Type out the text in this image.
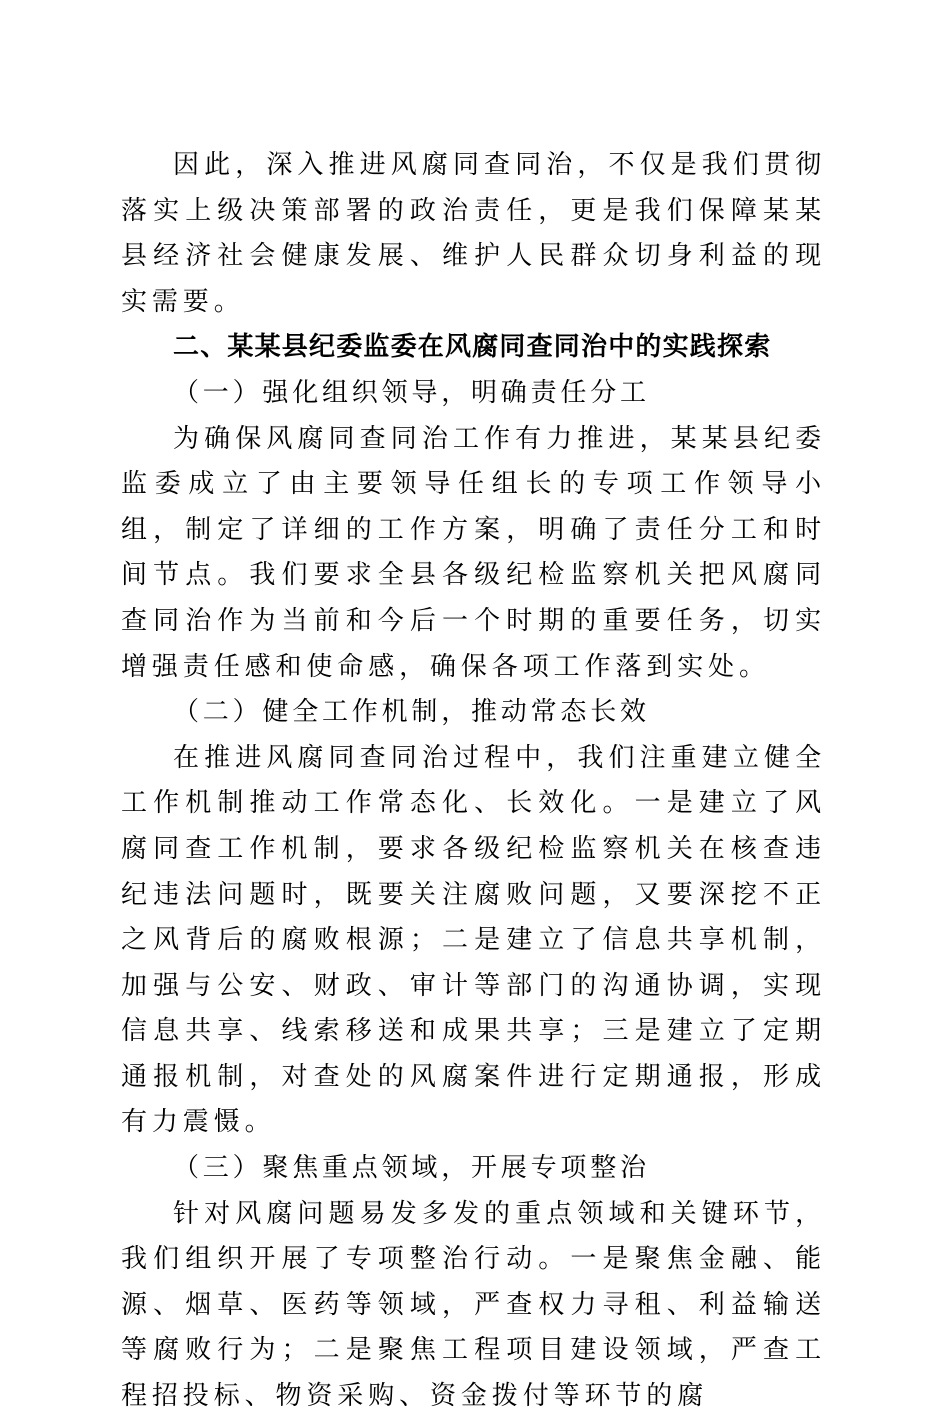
因此，深入推进风腐同查同治，不仅是我们贯彻落实上级决策部署的政治责任，更是我们保障某某县经济社会健康发展、维护人民群众切身利益的现实需要。

二、某某县纪委监委在风腐同查同治中的实践探索

（一）强化组织领导，明确责任分工

为确保风腐同查同治工作有力推进，某某县纪委监委成立了由主要领导任组长的专项工作领导小组，制定了详细的工作方案，明确了责任分工和时间节点。我们要求全县各级纪检监察机关把风腐同查同治作为当前和今后一个时期的重要任务，切实增强责任感和使命感，确保各项工作落到实处。

（二）健全工作机制，推动常态长效

在推进风腐同查同治过程中，我们注重建立健全工作机制推动工作常态化、长效化。一是建立了风腐同查工作机制，要求各级纪检监察机关在核查违纪违法问题时，既要关注腐败问题，又要深挖不正之风背后的腐败根源；二是建立了信息共享机制，加强与公安、财政、审计等部门的沟通协调，实现信息共享、线索移送和成果共享；三是建立了定期通报机制，对查处的风腐案件进行定期通报，形成有力震慑。

（三）聚焦重点领域，开展专项整治

针对风腐问题易发多发的重点领域和关键环节，我们组织开展了专项整治行动。一是聚焦金融、能源、烟草、医药等领域，严查权力寻租、利益输送等腐败行为；二是聚焦工程项目建设领域，严查工程招投标、物资采购、资金拨付等环节的腐
